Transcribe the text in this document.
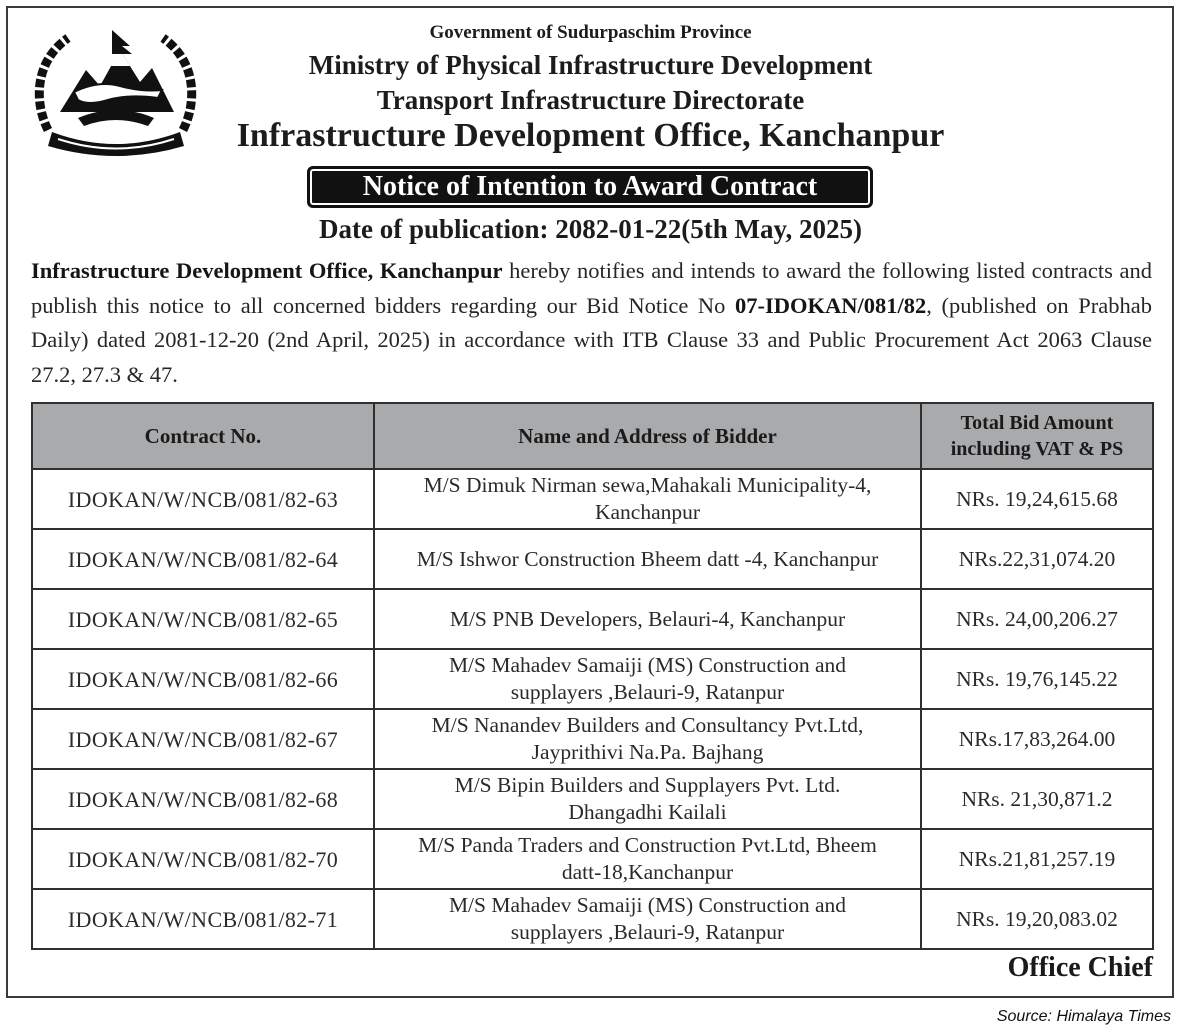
Government of Sudurpaschim Province
Ministry of Physical Infrastructure Development
Transport Infrastructure Directorate
Infrastructure Development Office, Kanchanpur
Notice of Intention to Award Contract
Date of publication: 2082-01-22(5th May, 2025)
Infrastructure Development Office, Kanchanpur hereby notifies and intends to award the following listed contracts and publish this notice to all concerned bidders regarding our Bid Notice No 07-IDOKAN/081/82, (published on Prabhab Daily) dated 2081-12-20 (2nd April, 2025) in accordance with ITB Clause 33 and Public Procurement Act 2063 Clause 27.2, 27.3 & 47.
Contract No.	Name and Address of Bidder	Total Bid Amount
including VAT & PS

IDOKAN/W/NCB/081/82-63	M/S Dimuk Nirman sewa,Mahakali Municipality-4,
Kanchanpur	NRs. 19,24,615.68
IDOKAN/W/NCB/081/82-64	M/S Ishwor Construction Bheem datt -4, Kanchanpur	NRs.22,31,074.20
IDOKAN/W/NCB/081/82-65	M/S PNB Developers, Belauri-4, Kanchanpur	NRs. 24,00,206.27
IDOKAN/W/NCB/081/82-66	M/S Mahadev Samaiji (MS) Construction and
supplayers ,Belauri-9, Ratanpur	NRs. 19,76,145.22
IDOKAN/W/NCB/081/82-67	M/S Nanandev Builders and Consultancy Pvt.Ltd,
Jayprithivi Na.Pa. Bajhang	NRs.17,83,264.00
IDOKAN/W/NCB/081/82-68	M/S Bipin Builders and Supplayers Pvt. Ltd.
Dhangadhi Kailali	NRs. 21,30,871.2
IDOKAN/W/NCB/081/82-70	M/S Panda Traders and Construction Pvt.Ltd, Bheem
datt-18,Kanchanpur	NRs.21,81,257.19
IDOKAN/W/NCB/081/82-71	M/S Mahadev Samaiji (MS) Construction and
supplayers ,Belauri-9, Ratanpur	NRs. 19,20,083.02
Office Chief
Source: Himalaya Times
